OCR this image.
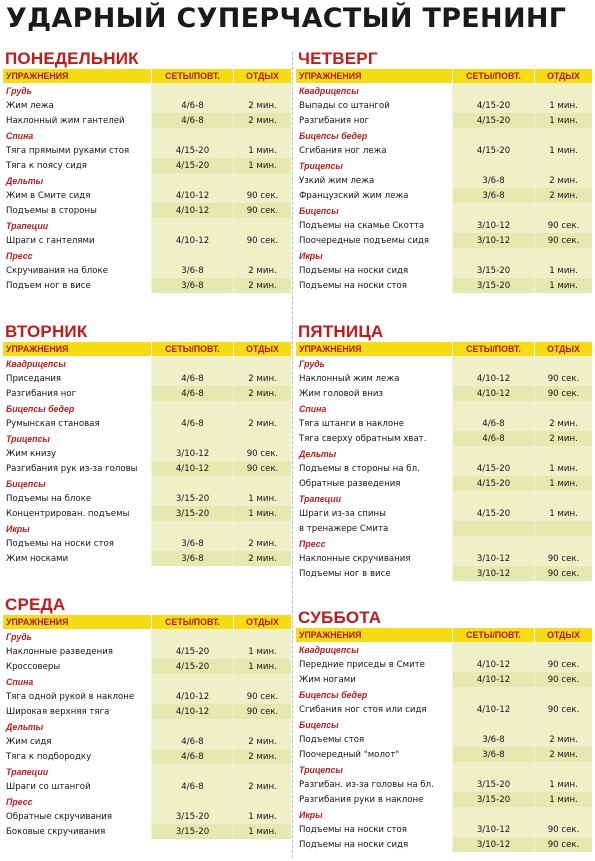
УДАРНЫЙ СУПЕРЧАСТЫЙ ТРЕНИНГ
ПОНЕДЕЛЬНИК
УПРАЖНЕНИЯ	СЕТЫ/ПОВТ.	ОТДЫХ
Грудь
Жим лежа	4/6-8	2 мин.
Наклонный жим гантелей	4/6-8	2 мин.
Спина
Тяга прямыми руками стоя	4/15-20	1 мин.
Тяга к поясу сидя	4/15-20	1 мин.
Дельты
Жим в Смите сидя	4/10-12	90 сек.
Подъемы в стороны	4/10-12	90 сек.
Трапеции
Шраги с гантелями	4/10-12	90 сек.
Пресс
Скручивания на блоке	3/6-8	2 мин.
Подъем ног в висе	3/6-8	2 мин.
ВТОРНИК
УПРАЖНЕНИЯ	СЕТЫ/ПОВТ.	ОТДЫХ
Квадрицепсы
Приседания	4/6-8	2 мин.
Разгибания ног	4/6-8	2 мин.
Бицепсы бедер
Румынская становая	4/6-8	2 мин.
Трицепсы
Жим книзу	3/10-12	90 сек.
Разгибания рук из-за головы	4/10-12	90 сек.
Бицепсы
Подъемы на блоке	3/15-20	1 мин.
Концентрирован. подъемы	3/15-20	1 мин.
Икры
Подъемы на носки стоя	3/6-8	2 мин.
Жим носками	3/6-8	2 мин.
СРЕДА
УПРАЖНЕНИЯ	СЕТЫ/ПОВТ.	ОТДЫХ
Грудь
Наклонные разведения	4/15-20	1 мин.
Кроссоверы	4/15-20	1 мин.
Спина
Тяга одной рукой в наклоне	4/10-12	90 сек.
Широкая верхняя тяга	4/10-12	90 сек.
Дельты
Жим сидя	4/6-8	2 мин.
Тяга к подбородку	4/6-8	2 мин.
Трапеции
Шраги со штангой	4/6-8	2 мин.
Пресс
Обратные скручивания	3/15-20	1 мин.
Боковые скручивания	3/15-20	1 мин.
ЧЕТВЕРГ
УПРАЖНЕНИЯ	СЕТЫ/ПОВТ.	ОТДЫХ
Квадрицепсы
Выпады со штангой	4/15-20	1 мин.
Разгибания ног	4/15-20	1 мин.
Бицепсы бедер
Сгибания ног лежа	4/15-20	1 мин.
Трицепсы
Узкий жим лежа	3/6-8	2 мин.
Французский жим лежа	3/6-8	2 мин.
Бицепсы
Подъемы на скамье Скотта	3/10-12	90 сек.
Поочередные подъемы сидя	3/10-12	90 сек.
Икры
Подъемы на носки сидя	3/15-20	1 мин.
Подъемы на носки стоя	3/15-20	1 мин.
ПЯТНИЦА
УПРАЖНЕНИЯ	СЕТЫ/ПОВТ.	ОТДЫХ
Грудь
Наклонный жим лежа	4/10-12	90 сек.
Жим головой вниз	4/10-12	90 сек.
Спина
Тяга штанги в наклоне	4/6-8	2 мин.
Тяга сверху обратным хват.	4/6-8	2 мин.
Дельты
Подъемы в стороны на бл.	4/15-20	1 мин.
Обратные разведения	4/15-20	1 мин.
Трапеции
Шраги из-за спины	4/15-20	1 мин.
в тренажере Смита
Пресс
Наклонные скручивания	3/10-12	90 сек.
Подъемы ног в висе	3/10-12	90 сек.
СУББОТА
УПРАЖНЕНИЯ	СЕТЫ/ПОВТ.	ОТДЫХ
Квадрицепсы
Передние приседы в Смите	4/10-12	90 сек.
Жим ногами	4/10-12	90 сек.
Бицепсы бедер
Сгибания ног стоя или сидя	4/10-12	90 сек.
Бицепсы
Подъемы стоя	3/6-8	2 мин.
Поочередный "молот"	3/6-8	2 мин.
Трицепсы
Разгибан. из-за головы на бл.	3/15-20	1 мин.
Разгибания руки в наклоне	3/15-20	1 мин.
Икры
Подъемы на носки стоя	3/10-12	90 сек.
Подъемы на носки сидя	3/10-12	90 сек.
